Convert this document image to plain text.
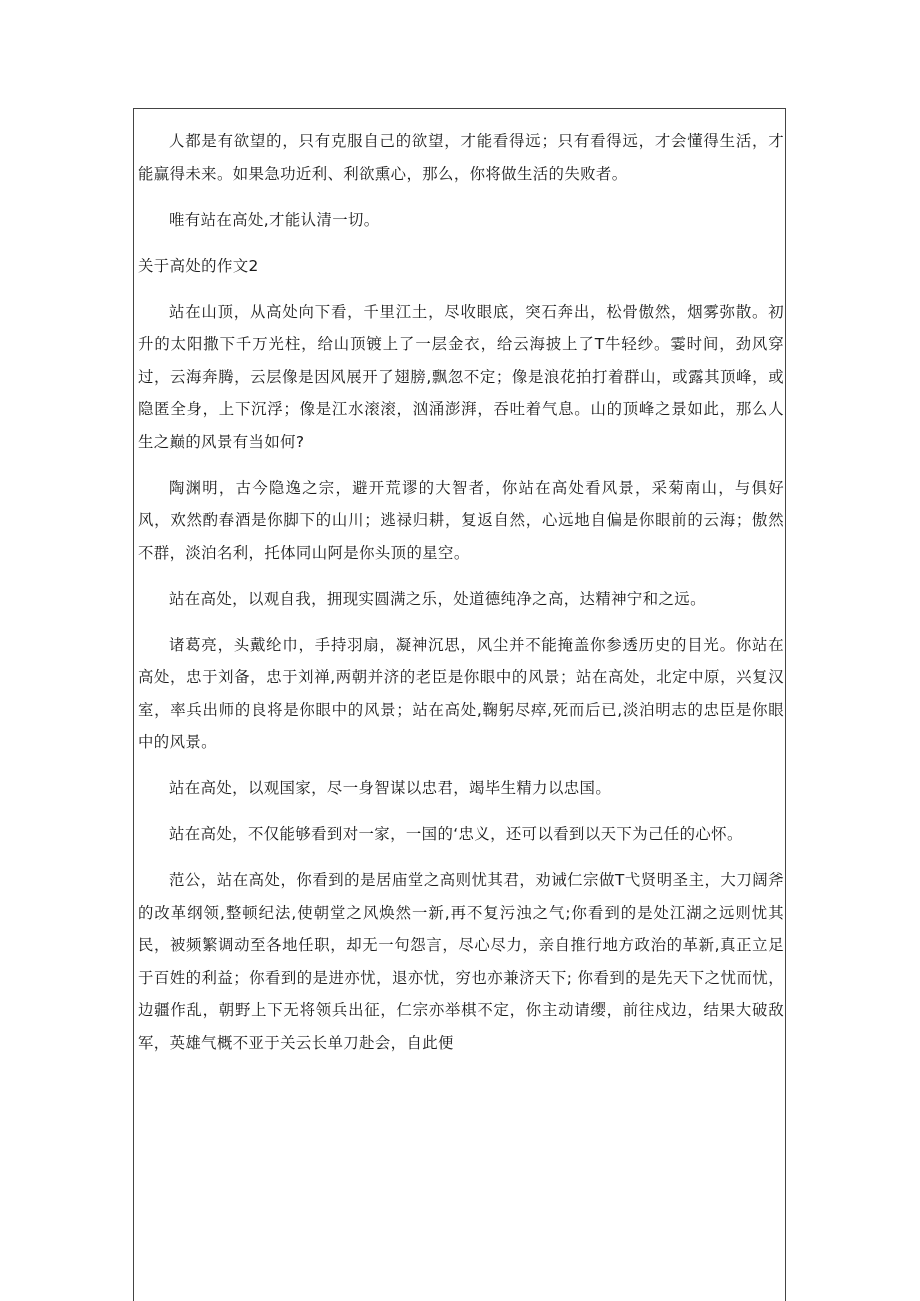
人都是有欲望的，只有克服自己的欲望，才能看得远；只有看得远，才会懂得生活，才能赢得未来。如果急功近利、利欲熏心，那么，你将做生活的失败者。

唯有站在高处,才能认清一切。

关于高处的作文2

站在山顶，从高处向下看，千里江土，尽收眼底，突石奔出，松骨傲然，烟雾弥散。初升的太阳撒下千万光柱，给山顶镀上了一层金衣，给云海披上了T牛轻纱。霎时间，劲风穿过，云海奔腾，云层像是因风展开了翅膀,飘忽不定；像是浪花拍打着群山，或露其顶峰，或隐匿全身，上下沉浮；像是江水滚滚，汹涌澎湃，吞吐着气息。山的顶峰之景如此，那么人生之巅的风景有当如何?

陶渊明，古今隐逸之宗，避开荒谬的大智者，你站在高处看风景，采菊南山，与俱好风，欢然酌春酒是你脚下的山川；逃禄归耕，复返自然，心远地自偏是你眼前的云海；傲然不群，淡泊名利，托体同山阿是你头顶的星空。

站在高处，以观自我，拥现实圆满之乐，处道德纯净之高，达精神宁和之远。

诸葛亮，头戴纶巾，手持羽扇，凝神沉思，风尘并不能掩盖你参透历史的目光。你站在高处，忠于刘备，忠于刘禅,两朝并济的老臣是你眼中的风景；站在高处，北定中原，兴复汉室，率兵出师的良将是你眼中的风景；站在高处,鞠躬尽瘁,死而后已,淡泊明志的忠臣是你眼中的风景。

站在高处，以观国家，尽一身智谋以忠君，竭毕生精力以忠国。

站在高处，不仅能够看到对一家，一国的‘忠义，还可以看到以天下为己任的心怀。

范公，站在高处，你看到的是居庙堂之高则忧其君，劝诫仁宗做T弋贤明圣主，大刀阔斧的改革纲领,整顿纪法,使朝堂之风焕然一新,再不复污浊之气;你看到的是处江湖之远则忧其民，被频繁调动至各地任职，却无一句怨言，尽心尽力，亲自推行地方政治的革新,真正立足于百姓的利益；你看到的是进亦忧，退亦忧，穷也亦兼济天下; 你看到的是先天下之忧而忧，边疆作乱，朝野上下无将领兵出征，仁宗亦举棋不定，你主动请缨，前往戍边，结果大破敌军，英雄气概不亚于关云长单刀赴会，自此便
